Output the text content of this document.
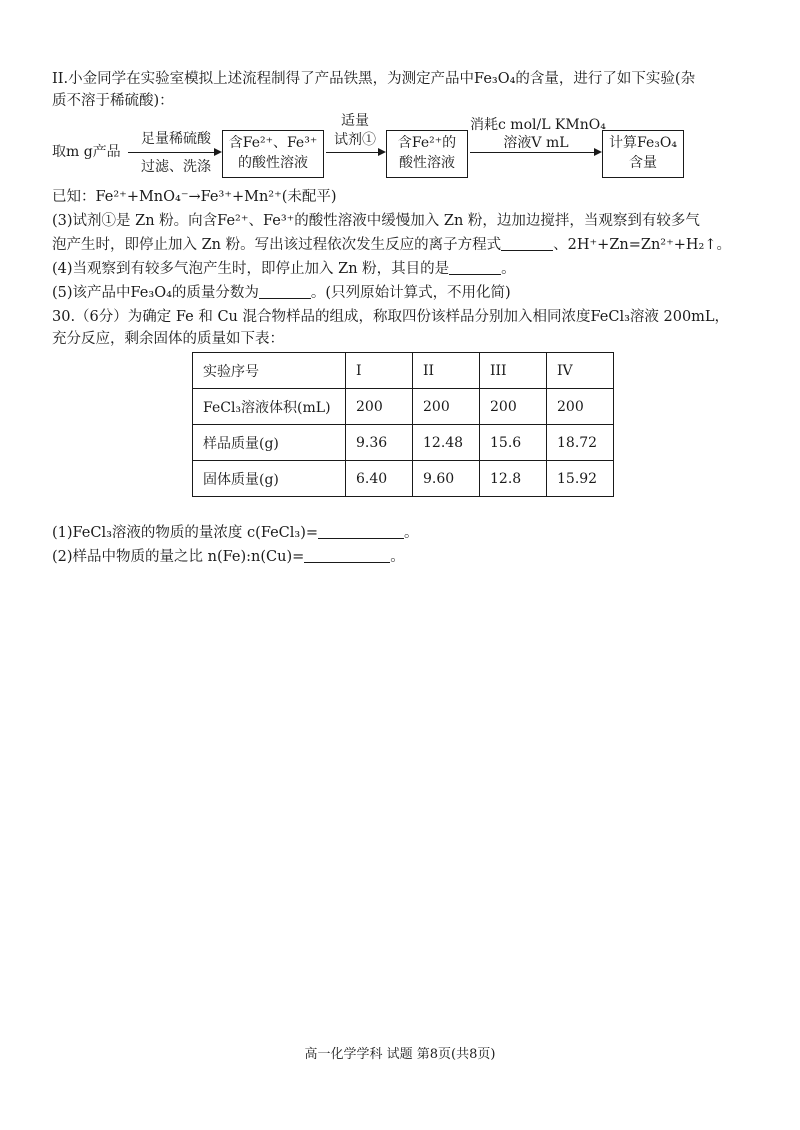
II.小金同学在实验室模拟上述流程制得了产品铁黑，为测定产品中Fe₃O₄的含量，进行了如下实验(杂
质不溶于稀硫酸)：
取m g产品
足量稀硫酸
过滤、洗涤
含Fe²⁺、Fe³⁺
的酸性溶液
适量
试剂①	含Fe²⁺的
酸性溶液
消耗c mol/L KMnO₄
溶液V mL	计算Fe₃O₄
含量
已知：Fe²⁺+MnO₄⁻→Fe³⁺+Mn²⁺(未配平)
(3)试剂①是 Zn 粉。向含Fe²⁺、Fe³⁺的酸性溶液中缓慢加入 Zn 粉，边加边搅拌，当观察到有较多气
泡产生时，即停止加入 Zn 粉。写出该过程依次发生反应的离子方程式	、2H⁺+Zn=Zn²⁺+H₂↑。
(4)当观察到有较多气泡产生时，即停止加入 Zn 粉，其目的是	。
(5)该产品中Fe₃O₄的质量分数为	。(只列原始计算式，不用化简)
30.（6分）为确定 Fe 和 Cu 混合物样品的组成，称取四份该样品分别加入相同浓度FeCl₃溶液 200mL，
充分反应，剩余固体的质量如下表：
实验序号	I	II	III	IV
FeCl₃溶液体积(mL)	200	200	200	200
样品质量(g)	9.36	12.48	15.6	18.72
固体质量(g)	6.40	9.60	12.8	15.92
(1)FeCl₃溶液的物质的量浓度 c(FeCl₃)=	。
(2)样品中物质的量之比 n(Fe):n(Cu)=	。
高一化学学科 试题 第8页(共8页)
